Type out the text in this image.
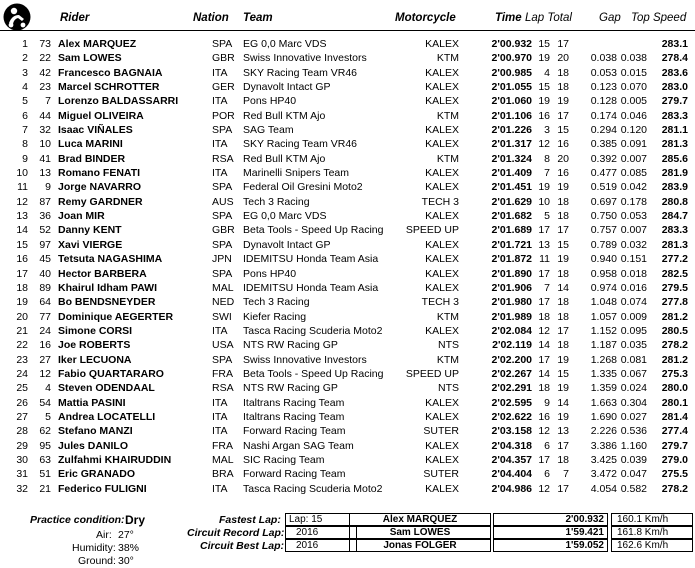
Rider	Nation Team	Motorcycle	Time Lap Total Gap Top Speed
1	73 Alex MARQUEZ	SPA EG 0,0 Marc VDS	KALEX	2'00.932 15 17	283.1
2	22 Sam LOWES	GBR Swiss Innovative Investors	KTM	2'00.970 19 20	0.038 0.038	278.4
3	42 Francesco BAGNAIA	ITA SKY Racing Team VR46	KALEX	2'00.985	4 18	0.053 0.015	283.6
4	23 Marcel SCHROTTER	GER Dynavolt Intact GP	KALEX	2'01.055 15 18	0.123 0.070	283.0
5	7 Lorenzo BALDASSARRI	ITA Pons HP40	KALEX	2'01.060 19 19	0.128 0.005	279.7
6	44 Miguel OLIVEIRA	POR Red Bull KTM Ajo	KTM	2'01.106 16 17	0.174 0.046	283.3
7	32 Isaac VIÑALES	SPA SAG Team	KALEX	2'01.226	3 15	0.294 0.120	281.1
8	10 Luca MARINI	ITA SKY Racing Team VR46	KALEX	2'01.317 12 16	0.385 0.091	281.3
9	41 Brad BINDER	RSA Red Bull KTM Ajo	KTM	2'01.324	8 20	0.392 0.007	285.6
10	13 Romano FENATI	ITA Marinelli Snipers Team	KALEX	2'01.409	7 16	0.477 0.085	281.9
11	9 Jorge NAVARRO	SPA Federal Oil Gresini Moto2	KALEX	2'01.451 19 19	0.519 0.042	283.9
12	87 Remy GARDNER	AUS Tech 3 Racing	TECH 3	2'01.629 10 18	0.697 0.178	280.8
13	36 Joan MIR	SPA EG 0,0 Marc VDS	KALEX	2'01.682	5 18	0.750 0.053	284.7
14	52 Danny KENT	GBR Beta Tools - Speed Up Racing	SPEED UP	2'01.689 17 17	0.757 0.007	283.3
15	97 Xavi VIERGE	SPA Dynavolt Intact GP	KALEX	2'01.721 13 15	0.789 0.032	281.3
16	45 Tetsuta NAGASHIMA	JPN IDEMITSU Honda Team Asia	KALEX	2'01.872 11 19	0.940 0.151	277.2
17	40 Hector BARBERA	SPA Pons HP40	KALEX	2'01.890 17 18	0.958 0.018	282.5
18	89 Khairul Idham PAWI	MAL IDEMITSU Honda Team Asia	KALEX	2'01.906	7 14	0.974 0.016	279.5
19	64 Bo BENDSNEYDER	NED Tech 3 Racing	TECH 3	2'01.980 17 18	1.048 0.074	277.8
20	77 Dominique AEGERTER	SWI Kiefer Racing	KTM	2'01.989 18 18	1.057 0.009	281.2
21	24 Simone CORSI	ITA Tasca Racing Scuderia Moto2	KALEX	2'02.084 12 17	1.152 0.095	280.5
22	16 Joe ROBERTS	USA NTS RW Racing GP	NTS	2'02.119 14 18	1.187 0.035	278.2
23	27 Iker LECUONA	SPA Swiss Innovative Investors	KTM	2'02.200 17 19	1.268 0.081	281.2
24	12 Fabio QUARTARARO	FRA Beta Tools - Speed Up Racing	SPEED UP	2'02.267 14 15	1.335 0.067	275.3
25	4 Steven ODENDAAL	RSA NTS RW Racing GP	NTS	2'02.291 18 19	1.359 0.024	280.0
26	54 Mattia PASINI	ITA Italtrans Racing Team	KALEX	2'02.595	9 14	1.663 0.304	280.1
27	5 Andrea LOCATELLI	ITA Italtrans Racing Team	KALEX	2'02.622 16 19	1.690 0.027	281.4
28	62 Stefano MANZI	ITA Forward Racing Team	SUTER	2'03.158 12 13	2.226 0.536	277.4
29	95 Jules DANILO	FRA Nashi Argan SAG Team	KALEX	2'04.318	6 17	3.386 1.160	279.7
30	63 Zulfahmi KHAIRUDDIN	MAL SIC Racing Team	KALEX	2'04.357 17 18	3.425 0.039	279.0
31	51 Eric GRANADO	BRA Forward Racing Team	SUTER	2'04.404	6	7	3.472 0.047	275.5
32	21 Federico FULIGNI	ITA Tasca Racing Scuderia Moto2	KALEX	2'04.986 12 17	4.054 0.582	278.2
Practice condition: Dry
Air: 27°
Humidity: 38%
Ground: 30°
Fastest Lap: Lap: 15	Alex MARQUEZ	2'00.932	160.1 Km/h
Circuit Record Lap:	2016	Sam LOWES	1'59.421	161.8 Km/h
Circuit Best Lap:	2016	Jonas FOLGER	1'59.052	162.6 Km/h
